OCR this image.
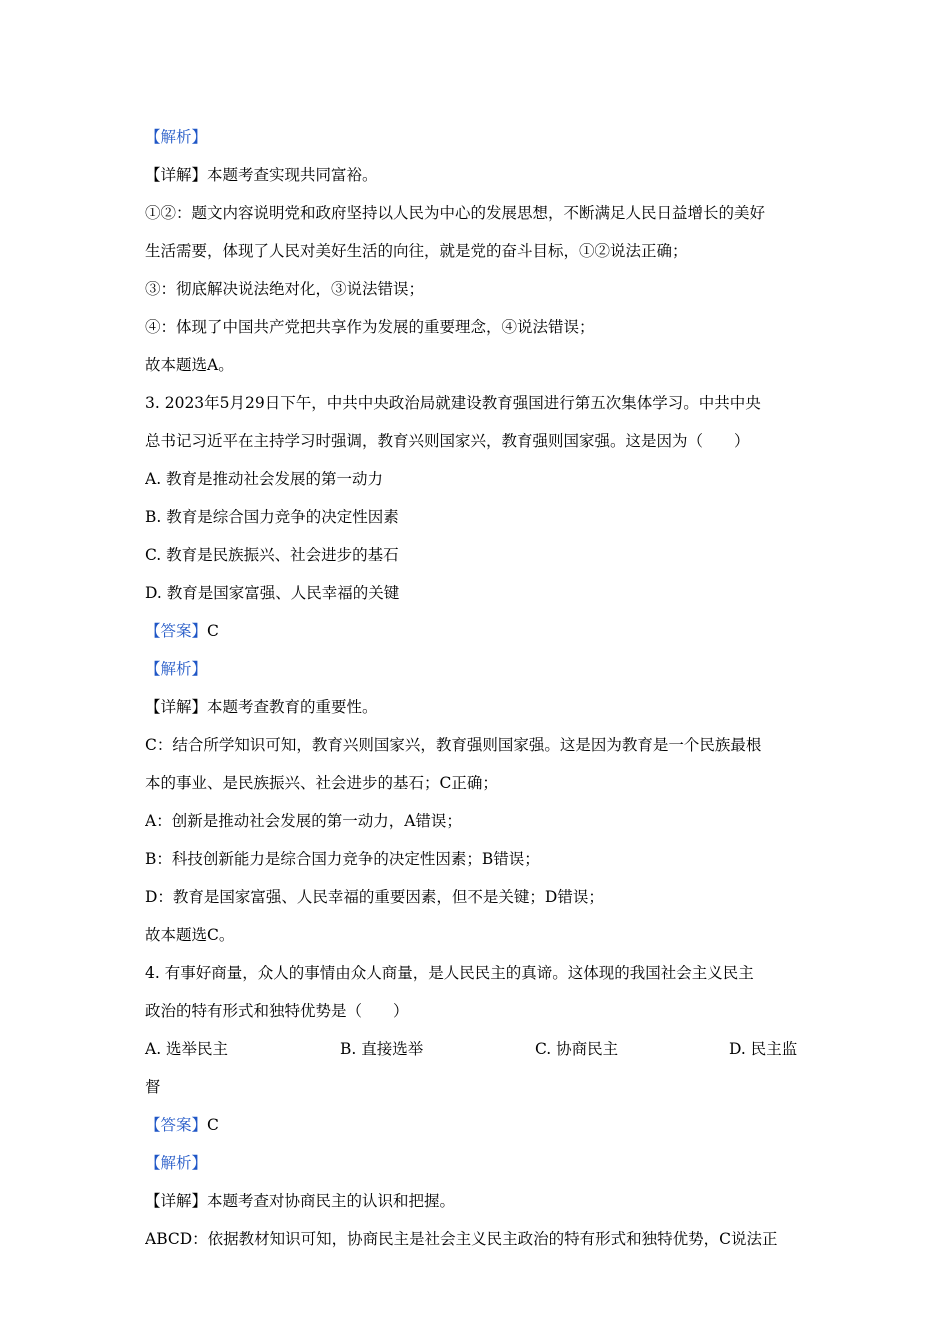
【解析】
【详解】本题考查实现共同富裕。
①②：题文内容说明党和政府坚持以人民为中心的发展思想，不断满足人民日益增长的美好
生活需要，体现了人民对美好生活的向往，就是党的奋斗目标，①②说法正确；
③：彻底解决说法绝对化，③说法错误；
④：体现了中国共产党把共享作为发展的重要理念，④说法错误；
故本题选A。
3. 2023年5月29日下午，中共中央政治局就建设教育强国进行第五次集体学习。中共中央
总书记习近平在主持学习时强调，教育兴则国家兴，教育强则国家强。这是因为（　　）
A. 教育是推动社会发展的第一动力
B. 教育是综合国力竞争的决定性因素
C. 教育是民族振兴、社会进步的基石
D. 教育是国家富强、人民幸福的关键
【答案】C
【解析】
【详解】本题考查教育的重要性。
C：结合所学知识可知，教育兴则国家兴，教育强则国家强。这是因为教育是一个民族最根
本的事业、是民族振兴、社会进步的基石；C正确；
A：创新是推动社会发展的第一动力，A错误；
B：科技创新能力是综合国力竞争的决定性因素；B错误；
D：教育是国家富强、人民幸福的重要因素，但不是关键；D错误；
故本题选C。
4. 有事好商量，众人的事情由众人商量，是人民民主的真谛。这体现的我国社会主义民主
政治的特有形式和独特优势是（　　）
A. 选举民主	B. 直接选举	C. 协商民主	D. 民主监
督
【答案】C
【解析】
【详解】本题考查对协商民主的认识和把握。
ABCD：依据教材知识可知，协商民主是社会主义民主政治的特有形式和独特优势，C说法正
